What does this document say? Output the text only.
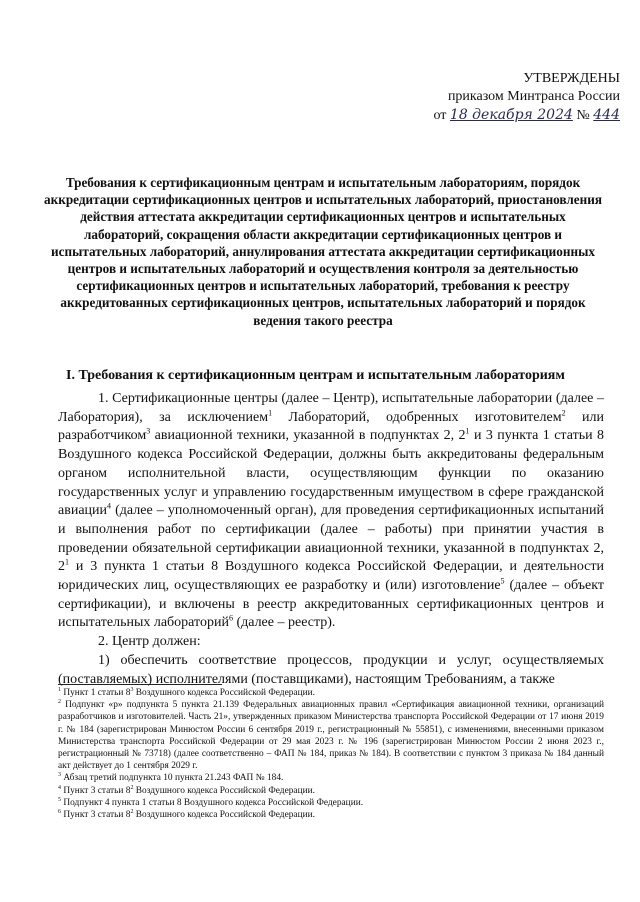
УТВЕРЖДЕНЫ
приказом Минтранса России
от 18 декабря 2024 № 444
Требования к сертификационным центрам и испытательным лабораториям, порядок аккредитации сертификационных центров и испытательных лабораторий, приостановления действия аттестата аккредитации сертификационных центров и испытательных лабораторий, сокращения области аккредитации сертификационных центров и испытательных лабораторий, аннулирования аттестата аккредитации сертификационных центров и испытательных лабораторий и осуществления контроля за деятельностью сертификационных центров и испытательных лабораторий, требования к реестру аккредитованных сертификационных центров, испытательных лабораторий и порядок ведения такого реестра
I. Требования к сертификационным центрам и испытательным лабораториям

1. Сертификационные центры (далее – Центр), испытательные лаборатории (далее – Лаборатория), за исключением$^1$ Лабораторий, одобренных изготовителем$^2$ или разработчиком$^3$ авиационной техники, указанной в подпунктах 2, $2^1$ и 3 пункта 1 статьи 8 Воздушного кодекса Российской Федерации, должны быть аккредитованы федеральным органом исполнительной власти, осуществляющим функции по оказанию государственных услуг и управлению государственным имуществом в сфере гражданской авиации$^4$ (далее – уполномоченный орган), для проведения сертификационных испытаний и выполнения работ по сертификации (далее – работы) при принятии участия в проведении обязательной сертификации авиационной техники, указанной в подпунктах 2, $2^1$ и 3 пункта 1 статьи 8 Воздушного кодекса Российской Федерации, и деятельности юридических лиц, осуществляющих ее разработку и (или) изготовление$^5$ (далее – объект сертификации), и включены в реестр аккредитованных сертификационных центров и испытательных лабораторий$^6$ (далее – реестр).

2. Центр должен:

1) обеспечить соответствие процессов, продукции и услуг, осуществляемых (поставляемых) исполнителями (поставщиками), настоящим Требованиям, а также

$^1$ Пункт 1 статьи $8^3$ Воздушного кодекса Российской Федерации.

$^2$ Подпункт «р» подпункта 5 пункта 21.139 Федеральных авиационных правил «Сертификация авиационной техники, организаций разработчиков и изготовителей. Часть 21», утвержденных приказом Министерства транспорта Российской Федерации от 17 июня 2019 г. № 184 (зарегистрирован Минюстом России 6 сентября 2019 г., регистрационный № 55851), с изменениями, внесенными приказом Министерства транспорта Российской Федерации от 29 мая 2023 г. № 196 (зарегистрирован Минюстом России 2 июня 2023 г., регистрационный № 73718) (далее соответственно – ФАП № 184, приказ № 184). В соответствии с пунктом 3 приказа № 184 данный акт действует до 1 сентября 2029 г.

$^3$ Абзац третий подпункта 10 пункта 21.243 ФАП № 184.

$^4$ Пункт 3 статьи $8^2$ Воздушного кодекса Российской Федерации.

$^5$ Подпункт 4 пункта 1 статьи 8 Воздушного кодекса Российской Федерации.

$^6$ Пункт 3 статьи $8^2$ Воздушного кодекса Российской Федерации.
